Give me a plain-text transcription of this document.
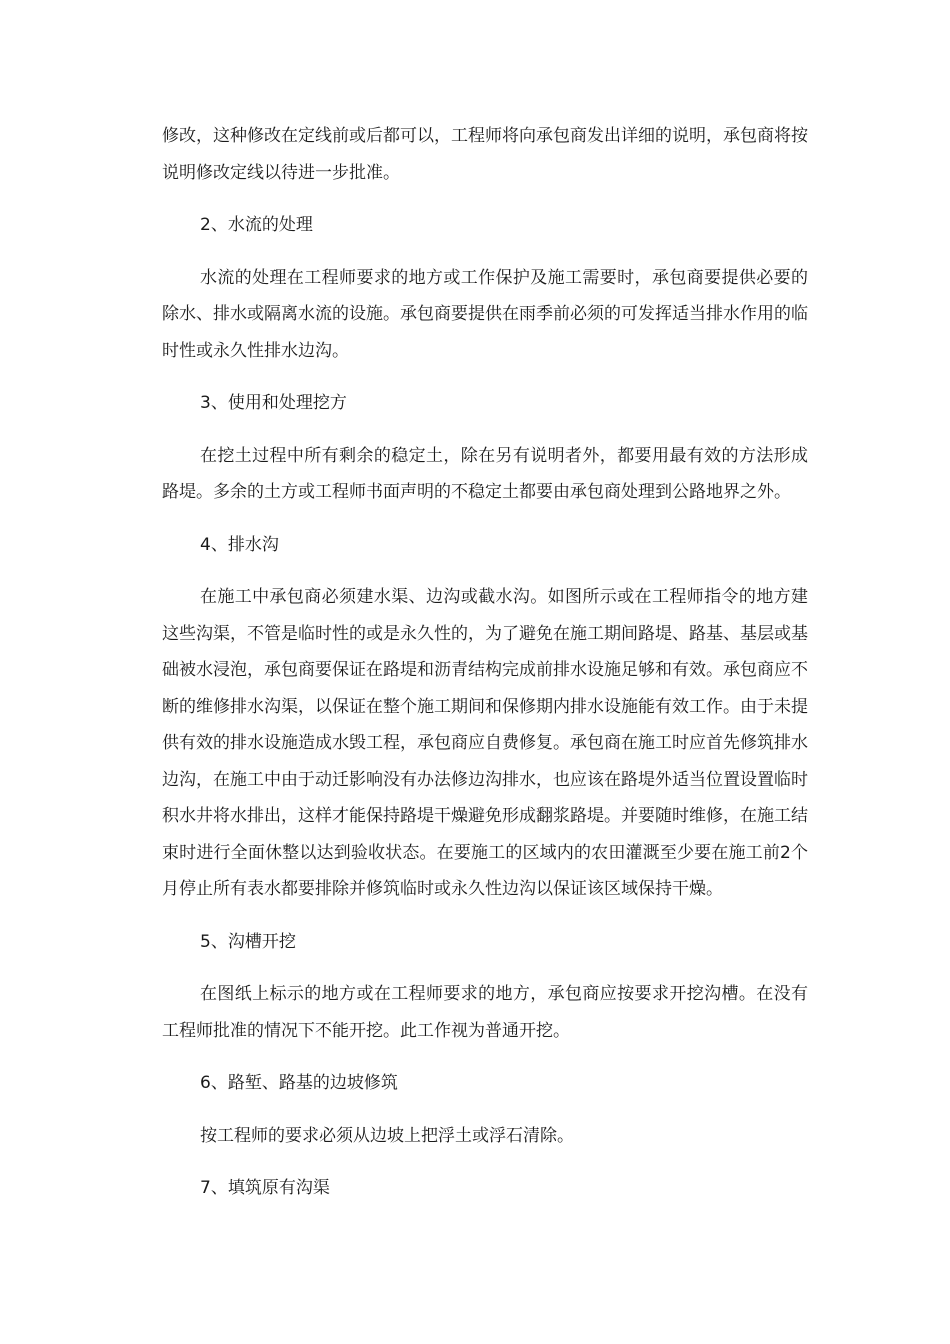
修改，这种修改在定线前或后都可以，工程师将向承包商发出详细的说明，承包商将按说明修改定线以待进一步批准。

2、水流的处理

水流的处理在工程师要求的地方或工作保护及施工需要时，承包商要提供必要的除水、排水或隔离水流的设施。承包商要提供在雨季前必须的可发挥适当排水作用的临时性或永久性排水边沟。

3、使用和处理挖方

在挖土过程中所有剩余的稳定土，除在另有说明者外，都要用最有效的方法形成路堤。多余的土方或工程师书面声明的不稳定土都要由承包商处理到公路地界之外。

4、排水沟

在施工中承包商必须建水渠、边沟或截水沟。如图所示或在工程师指令的地方建这些沟渠，不管是临时性的或是永久性的，为了避免在施工期间路堤、路基、基层或基础被水浸泡，承包商要保证在路堤和沥青结构完成前排水设施足够和有效。承包商应不断的维修排水沟渠，以保证在整个施工期间和保修期内排水设施能有效工作。由于未提供有效的排水设施造成水毁工程，承包商应自费修复。承包商在施工时应首先修筑排水边沟，在施工中由于动迁影响没有办法修边沟排水，也应该在路堤外适当位置设置临时积水井将水排出，这样才能保持路堤干燥避免形成翻浆路堤。并要随时维修，在施工结束时进行全面休整以达到验收状态。在要施工的区域内的农田灌溉至少要在施工前2个月停止所有表水都要排除并修筑临时或永久性边沟以保证该区域保持干燥。

5、沟槽开挖

在图纸上标示的地方或在工程师要求的地方，承包商应按要求开挖沟槽。在没有工程师批准的情况下不能开挖。此工作视为普通开挖。

6、路堑、路基的边坡修筑

按工程师的要求必须从边坡上把浮土或浮石清除。

7、填筑原有沟渠
